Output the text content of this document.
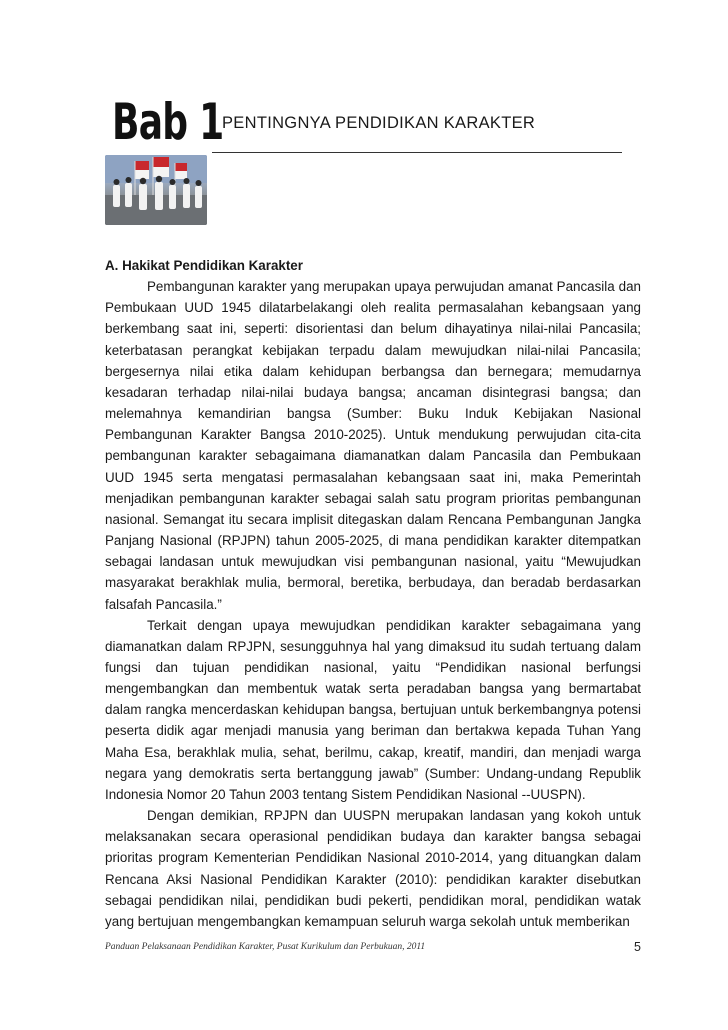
Bab 1
PENTINGNYA PENDIDIKAN KARAKTER

A. Hakikat Pendidikan Karakter

Pembangunan karakter yang merupakan upaya perwujudan amanat Pancasila dan Pembukaan UUD 1945 dilatarbelakangi oleh realita permasalahan kebangsaan yang berkembang saat ini, seperti: disorientasi dan belum dihayatinya nilai-nilai Pancasila; keterbatasan perangkat kebijakan terpadu dalam mewujudkan nilai-nilai Pancasila; bergesernya nilai etika dalam kehidupan berbangsa dan bernegara; memudarnya kesadaran terhadap nilai-nilai budaya bangsa; ancaman disintegrasi bangsa; dan melemahnya kemandirian bangsa (Sumber: Buku Induk Kebijakan Nasional Pembangunan Karakter Bangsa 2010-2025). Untuk mendukung perwujudan cita-cita pembangunan karakter sebagaimana diamanatkan dalam Pancasila dan Pembukaan UUD 1945 serta mengatasi permasalahan kebangsaan saat ini, maka Pemerintah menjadikan pembangunan karakter sebagai salah satu program prioritas pembangunan nasional. Semangat itu secara implisit ditegaskan dalam Rencana Pembangunan Jangka Panjang Nasional (RPJPN) tahun 2005-2025, di mana pendidikan karakter ditempatkan sebagai landasan untuk mewujudkan visi pembangunan nasional, yaitu “Mewujudkan masyarakat berakhlak mulia, bermoral, beretika, berbudaya, dan beradab berdasarkan falsafah Pancasila.”

Terkait dengan upaya mewujudkan pendidikan karakter sebagaimana yang diamanatkan dalam RPJPN, sesungguhnya hal yang dimaksud itu sudah tertuang dalam fungsi dan tujuan pendidikan nasional, yaitu “Pendidikan nasional berfungsi mengembangkan dan membentuk watak serta peradaban bangsa yang bermartabat dalam rangka mencerdaskan kehidupan bangsa, bertujuan untuk berkembangnya potensi peserta didik agar menjadi manusia yang beriman dan bertakwa kepada Tuhan Yang Maha Esa, berakhlak mulia, sehat, berilmu, cakap, kreatif, mandiri, dan menjadi warga negara yang demokratis serta bertanggung jawab” (Sumber: Undang-undang Republik Indonesia Nomor 20 Tahun 2003 tentang Sistem Pendidikan Nasional --UUSPN).

Dengan demikian, RPJPN dan UUSPN merupakan landasan yang kokoh untuk melaksanakan secara operasional pendidikan budaya dan karakter bangsa sebagai prioritas program Kementerian Pendidikan Nasional 2010-2014, yang dituangkan dalam Rencana Aksi Nasional Pendidikan Karakter (2010): pendidikan karakter disebutkan sebagai pendidikan nilai, pendidikan budi pekerti, pendidikan moral, pendidikan watak yang bertujuan mengembangkan kemampuan seluruh warga sekolah untuk memberikan

Panduan Pelaksanaan Pendidikan Karakter, Pusat Kurikulum dan Perbukuan, 2011	5
